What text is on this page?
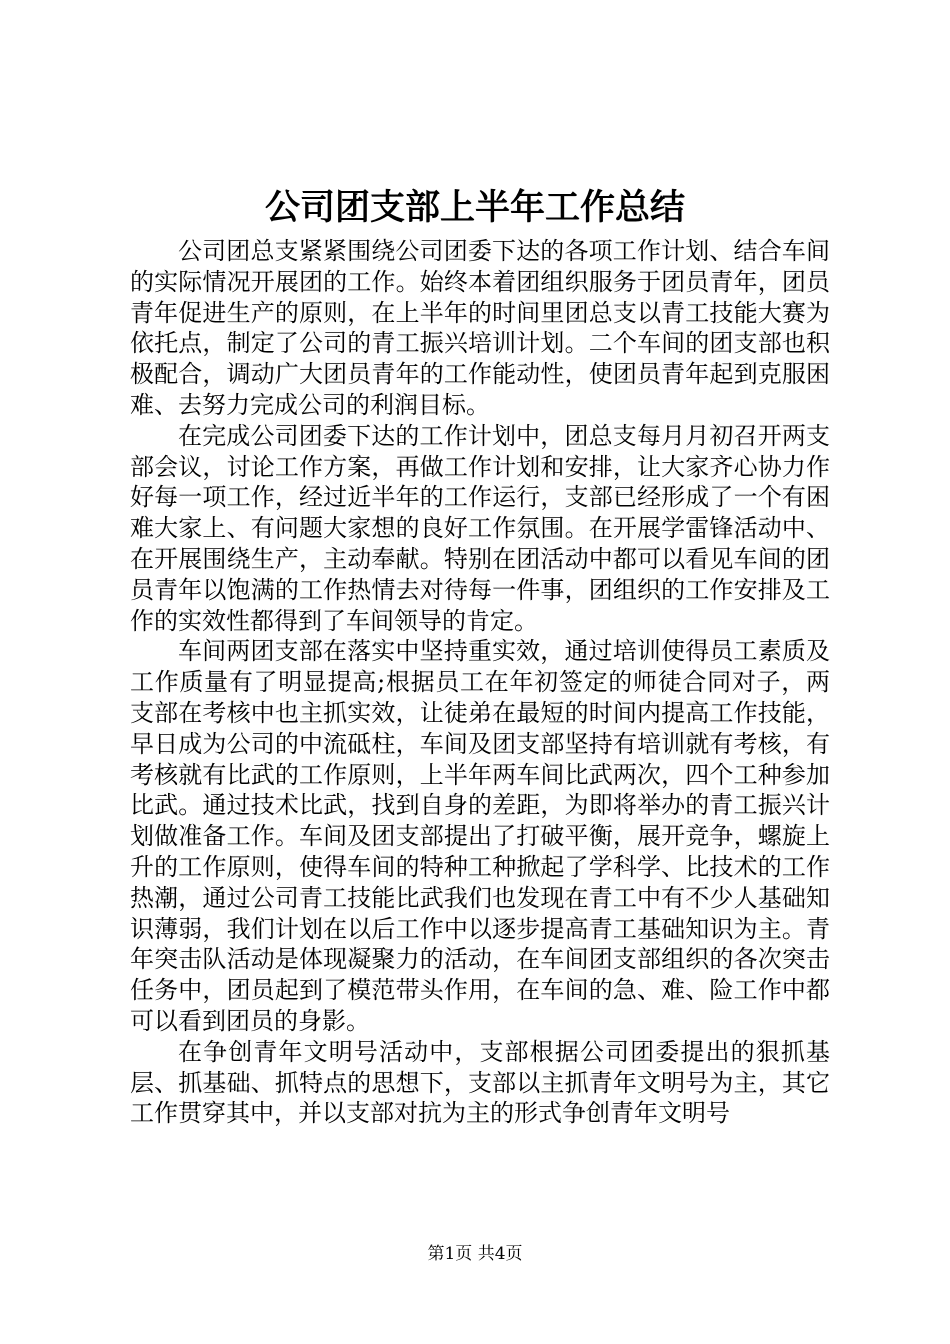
公司团支部上半年工作总结

公司团总支紧紧围绕公司团委下达的各项工作计划、结合车间的实际情况开展团的工作。始终本着团组织服务于团员青年，团员青年促进生产的原则，在上半年的时间里团总支以青工技能大赛为依托点，制定了公司的青工振兴培训计划。二个车间的团支部也积极配合，调动广大团员青年的工作能动性，使团员青年起到克服困难、去努力完成公司的利润目标。

在完成公司团委下达的工作计划中，团总支每月月初召开两支部会议，讨论工作方案，再做工作计划和安排，让大家齐心协力作好每一项工作，经过近半年的工作运行，支部已经形成了一个有困难大家上、有问题大家想的良好工作氛围。在开展学雷锋活动中、在开展围绕生产，主动奉献。特别在团活动中都可以看见车间的团员青年以饱满的工作热情去对待每一件事，团组织的工作安排及工作的实效性都得到了车间领导的肯定。

车间两团支部在落实中坚持重实效，通过培训使得员工素质及工作质量有了明显提高;根据员工在年初签定的师徒合同对子，两支部在考核中也主抓实效，让徒弟在最短的时间内提高工作技能，早日成为公司的中流砥柱，车间及团支部坚持有培训就有考核，有考核就有比武的工作原则，上半年两车间比武两次，四个工种参加比武。通过技术比武，找到自身的差距，为即将举办的青工振兴计划做准备工作。车间及团支部提出了打破平衡，展开竞争，螺旋上升的工作原则，使得车间的特种工种掀起了学科学、比技术的工作热潮，通过公司青工技能比武我们也发现在青工中有不少人基础知识薄弱，我们计划在以后工作中以逐步提高青工基础知识为主。青年突击队活动是体现凝聚力的活动，在车间团支部组织的各次突击任务中，团员起到了模范带头作用，在车间的急、难、险工作中都可以看到团员的身影。

在争创青年文明号活动中，支部根据公司团委提出的狠抓基层、抓基础、抓特点的思想下，支部以主抓青年文明号为主，其它工作贯穿其中，并以支部对抗为主的形式争创青年文明号

第1页 共4页
